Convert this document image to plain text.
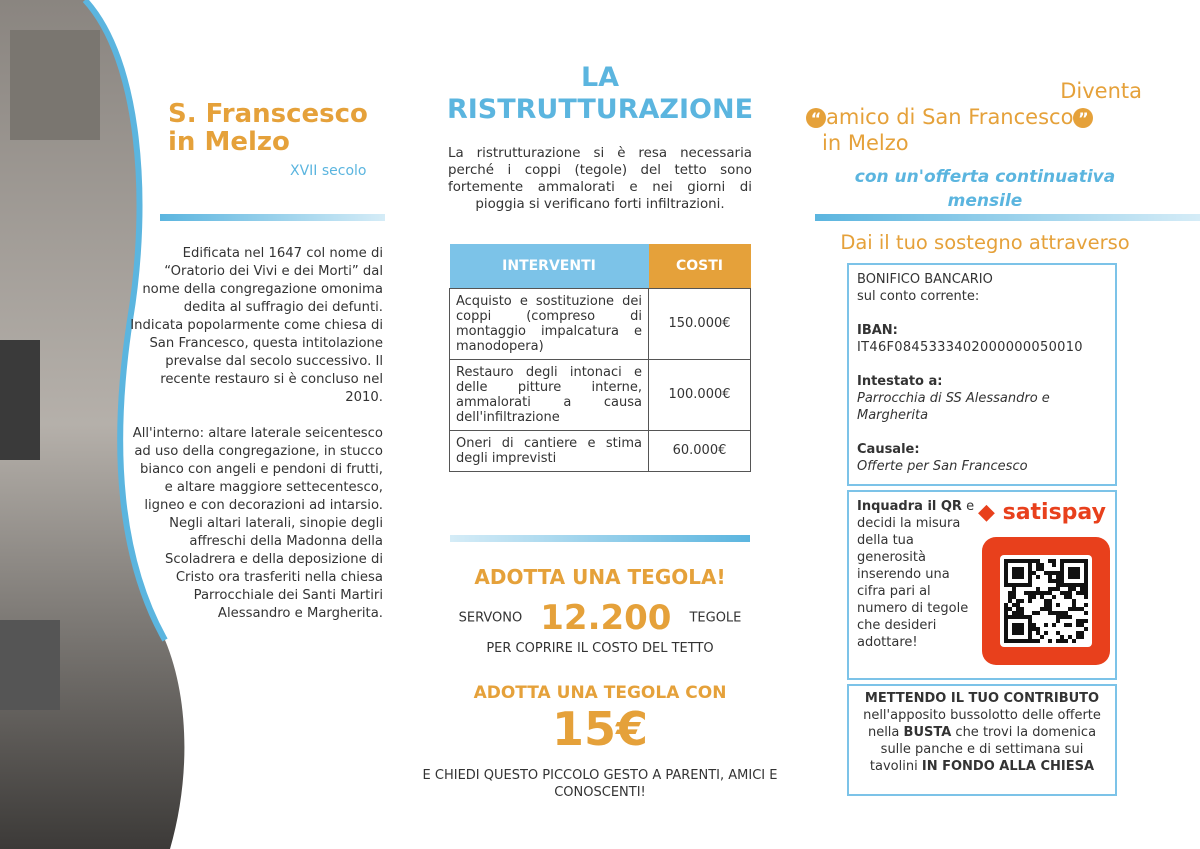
S. Franscesco
in Melzo
XVII secolo

Edificata nel 1647 col nome di “Oratorio dei Vivi e dei Morti” dal nome della congregazione omonima dedita al suffragio dei defunti. Indicata popolarmente come chiesa di San Francesco, questa intitolazione prevalse dal secolo successivo. Il recente restauro si è concluso nel 2010.

All'interno: altare laterale seicentesco ad uso della congregazione, in stucco bianco con angeli e pendoni di frutti, e altare maggiore settecentesco, ligneo e con decorazioni ad intarsio. Negli altari laterali, sinopie degli affreschi della Madonna della Scoladrera e della deposizione di Cristo ora trasferiti nella chiesa Parrocchiale dei Santi Martiri Alessandro e Margherita.

LA
RISTRUTTURAZIONE
La ristrutturazione si è resa necessaria perché i coppi (tegole) del tetto sono fortemente ammalorati e nei giorni di pioggia si verificano forti infiltrazioni.
INTERVENTI	COSTI
Acquisto e sostituzione dei coppi (compreso di montaggio impalcatura e manodopera)	150.000€
Restauro degli intonaci e delle pitture interne, ammalorati a causa dell'infiltrazione	100.000€
Oneri di cantiere e stima degli imprevisti	60.000€
ADOTTA UNA TEGOLA!
SERVONO 12.200 TEGOLE
PER COPRIRE IL COSTO DEL TETTO
ADOTTA UNA TEGOLA CON
15€
E CHIEDI QUESTO PICCOLO GESTO A PARENTI, AMICI E CONOSCENTI!
Diventa
“ amico di San Francesco ”
in Melzo
con un'offerta continuativa mensile
Dai il tuo sostegno attraverso
BONIFICO BANCARIO
sul conto corrente:

IBAN:
IT46F0845333402000000050010

Intestato a:
Parrocchia di SS Alessandro e Margherita

Causale:
Offerte per San Francesco
Inquadra il QR e decidi la misura della tua generosità inserendo una cifra pari al numero di tegole che desideri adottare!
◆ satispay
METTENDO IL TUO CONTRIBUTO nell'apposito bussolotto delle offerte nella BUSTA che trovi la domenica sulle panche e di settimana sui tavolini IN FONDO ALLA CHIESA
